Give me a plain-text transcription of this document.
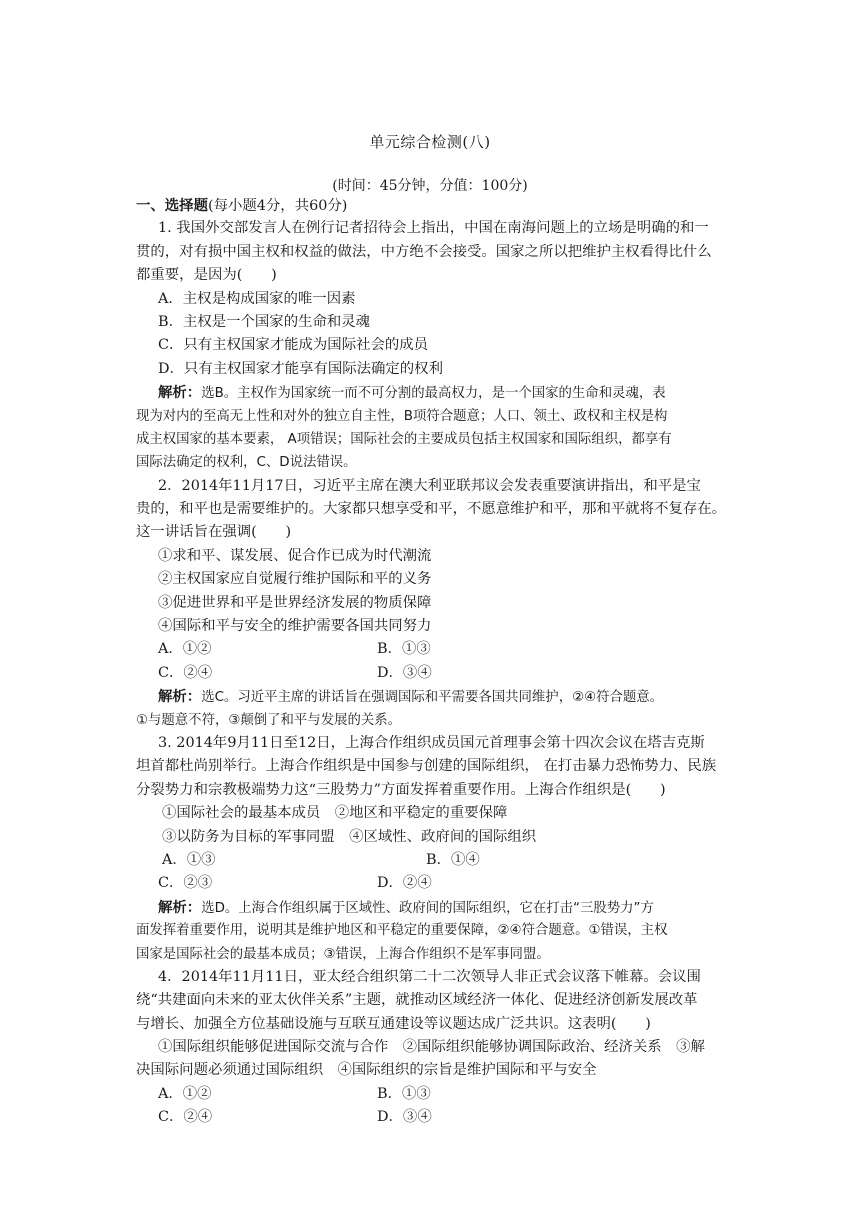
单元综合检测(八)
(时间：45分钟，分值：100分)
一、选择题(每小题4分，共60分)
1. 我国外交部发言人在例行记者招待会上指出，中国在南海问题上的立场是明确的和一
贯的，对有损中国主权和权益的做法，中方绝不会接受。国家之所以把维护主权看得比什么
都重要，是因为(　　)
A．主权是构成国家的唯一因素
B．主权是一个国家的生命和灵魂
C．只有主权国家才能成为国际社会的成员
D．只有主权国家才能享有国际法确定的权利
解析：选B。主权作为国家统一而不可分割的最高权力，是一个国家的生命和灵魂，表
现为对内的至高无上性和对外的独立自主性，B项符合题意；人口、领土、政权和主权是构
成主权国家的基本要素， A项错误；国际社会的主要成员包括主权国家和国际组织，都享有
国际法确定的权利，C、D说法错误。
2．2014年11月17日，习近平主席在澳大利亚联邦议会发表重要演讲指出，和平是宝
贵的，和平也是需要维护的。大家都只想享受和平，不愿意维护和平，那和平就将不复存在。
这一讲话旨在强调(　　)
①求和平、谋发展、促合作已成为时代潮流
②主权国家应自觉履行维护国际和平的义务
③促进世界和平是世界经济发展的物质保障
④国际和平与安全的维护需要各国共同努力
A．①②	B．①③
C．②④	D．③④
解析：选C。习近平主席的讲话旨在强调国际和平需要各国共同维护，②④符合题意。
①与题意不符，③颠倒了和平与发展的关系。
3. 2014年9月11日至12日，上海合作组织成员国元首理事会第十四次会议在塔吉克斯
坦首都杜尚别举行。上海合作组织是中国参与创建的国际组织， 在打击暴力恐怖势力、民族
分裂势力和宗教极端势力这“三股势力”方面发挥着重要作用。上海合作组织是(　　)
①国际社会的最基本成员　②地区和平稳定的重要保障
③以防务为目标的军事同盟　④区域性、政府间的国际组织
A．①③	B．①④
C．②③	D．②④
解析：选D。上海合作组织属于区域性、政府间的国际组织，它在打击“三股势力”方
面发挥着重要作用，说明其是维护地区和平稳定的重要保障，②④符合题意。①错误，主权
国家是国际社会的最基本成员；③错误，上海合作组织不是军事同盟。
4．2014年11月11日，亚太经合组织第二十二次领导人非正式会议落下帷幕。会议围
绕“共建面向未来的亚太伙伴关系”主题，就推动区域经济一体化、促进经济创新发展改革
与增长、加强全方位基础设施与互联互通建设等议题达成广泛共识。这表明(　　)
①国际组织能够促进国际交流与合作　②国际组织能够协调国际政治、经济关系　③解
决国际问题必须通过国际组织　④国际组织的宗旨是维护国际和平与安全
A．①②	B．①③
C．②④	D．③④
